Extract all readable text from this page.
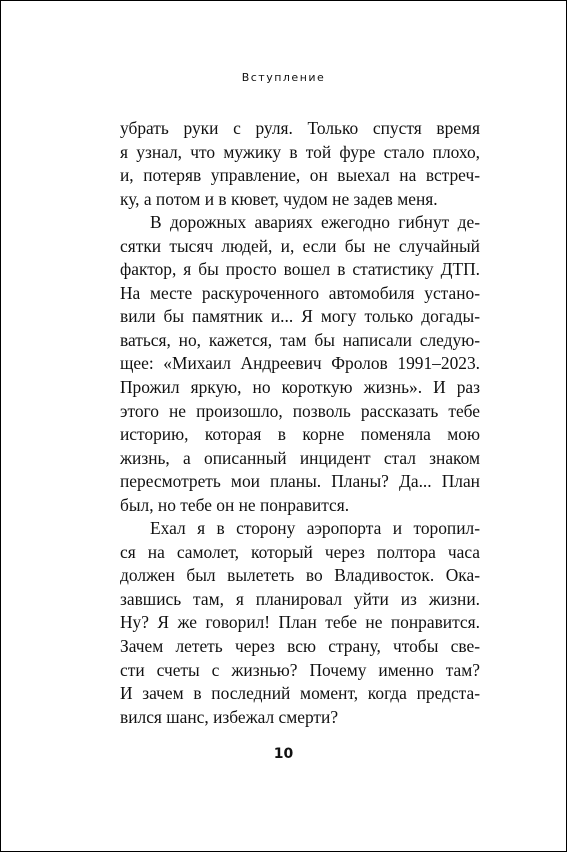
Вступление
убрать руки с руля. Только спустя время
я узнал, что мужику в той фуре стало плохо,
и, потеряв управление, он выехал на встреч-
ку, а потом и в кювет, чудом не задев меня.
В дорожных авариях ежегодно гибнут де-
сятки тысяч людей, и, если бы не случайный
фактор, я бы просто вошел в статистику ДТП.
На месте раскуроченного автомобиля устано-
вили бы памятник и... Я могу только догады-
ваться, но, кажется, там бы написали следую-
щее: «Михаил Андреевич Фролов 1991–2023.
Прожил яркую, но короткую жизнь». И раз
этого не произошло, позволь рассказать тебе
историю, которая в корне поменяла мою
жизнь, а описанный инцидент стал знаком
пересмотреть мои планы. Планы? Да... План
был, но тебе он не понравится.
Ехал я в сторону аэропорта и торопил-
ся на самолет, который через полтора часа
должен был вылететь во Владивосток. Ока-
завшись там, я планировал уйти из жизни.
Ну? Я же говорил! План тебе не понравится.
Зачем лететь через всю страну, чтобы све-
сти счеты с жизнью? Почему именно там?
И зачем в последний момент, когда предста-
вился шанс, избежал смерти?
10
